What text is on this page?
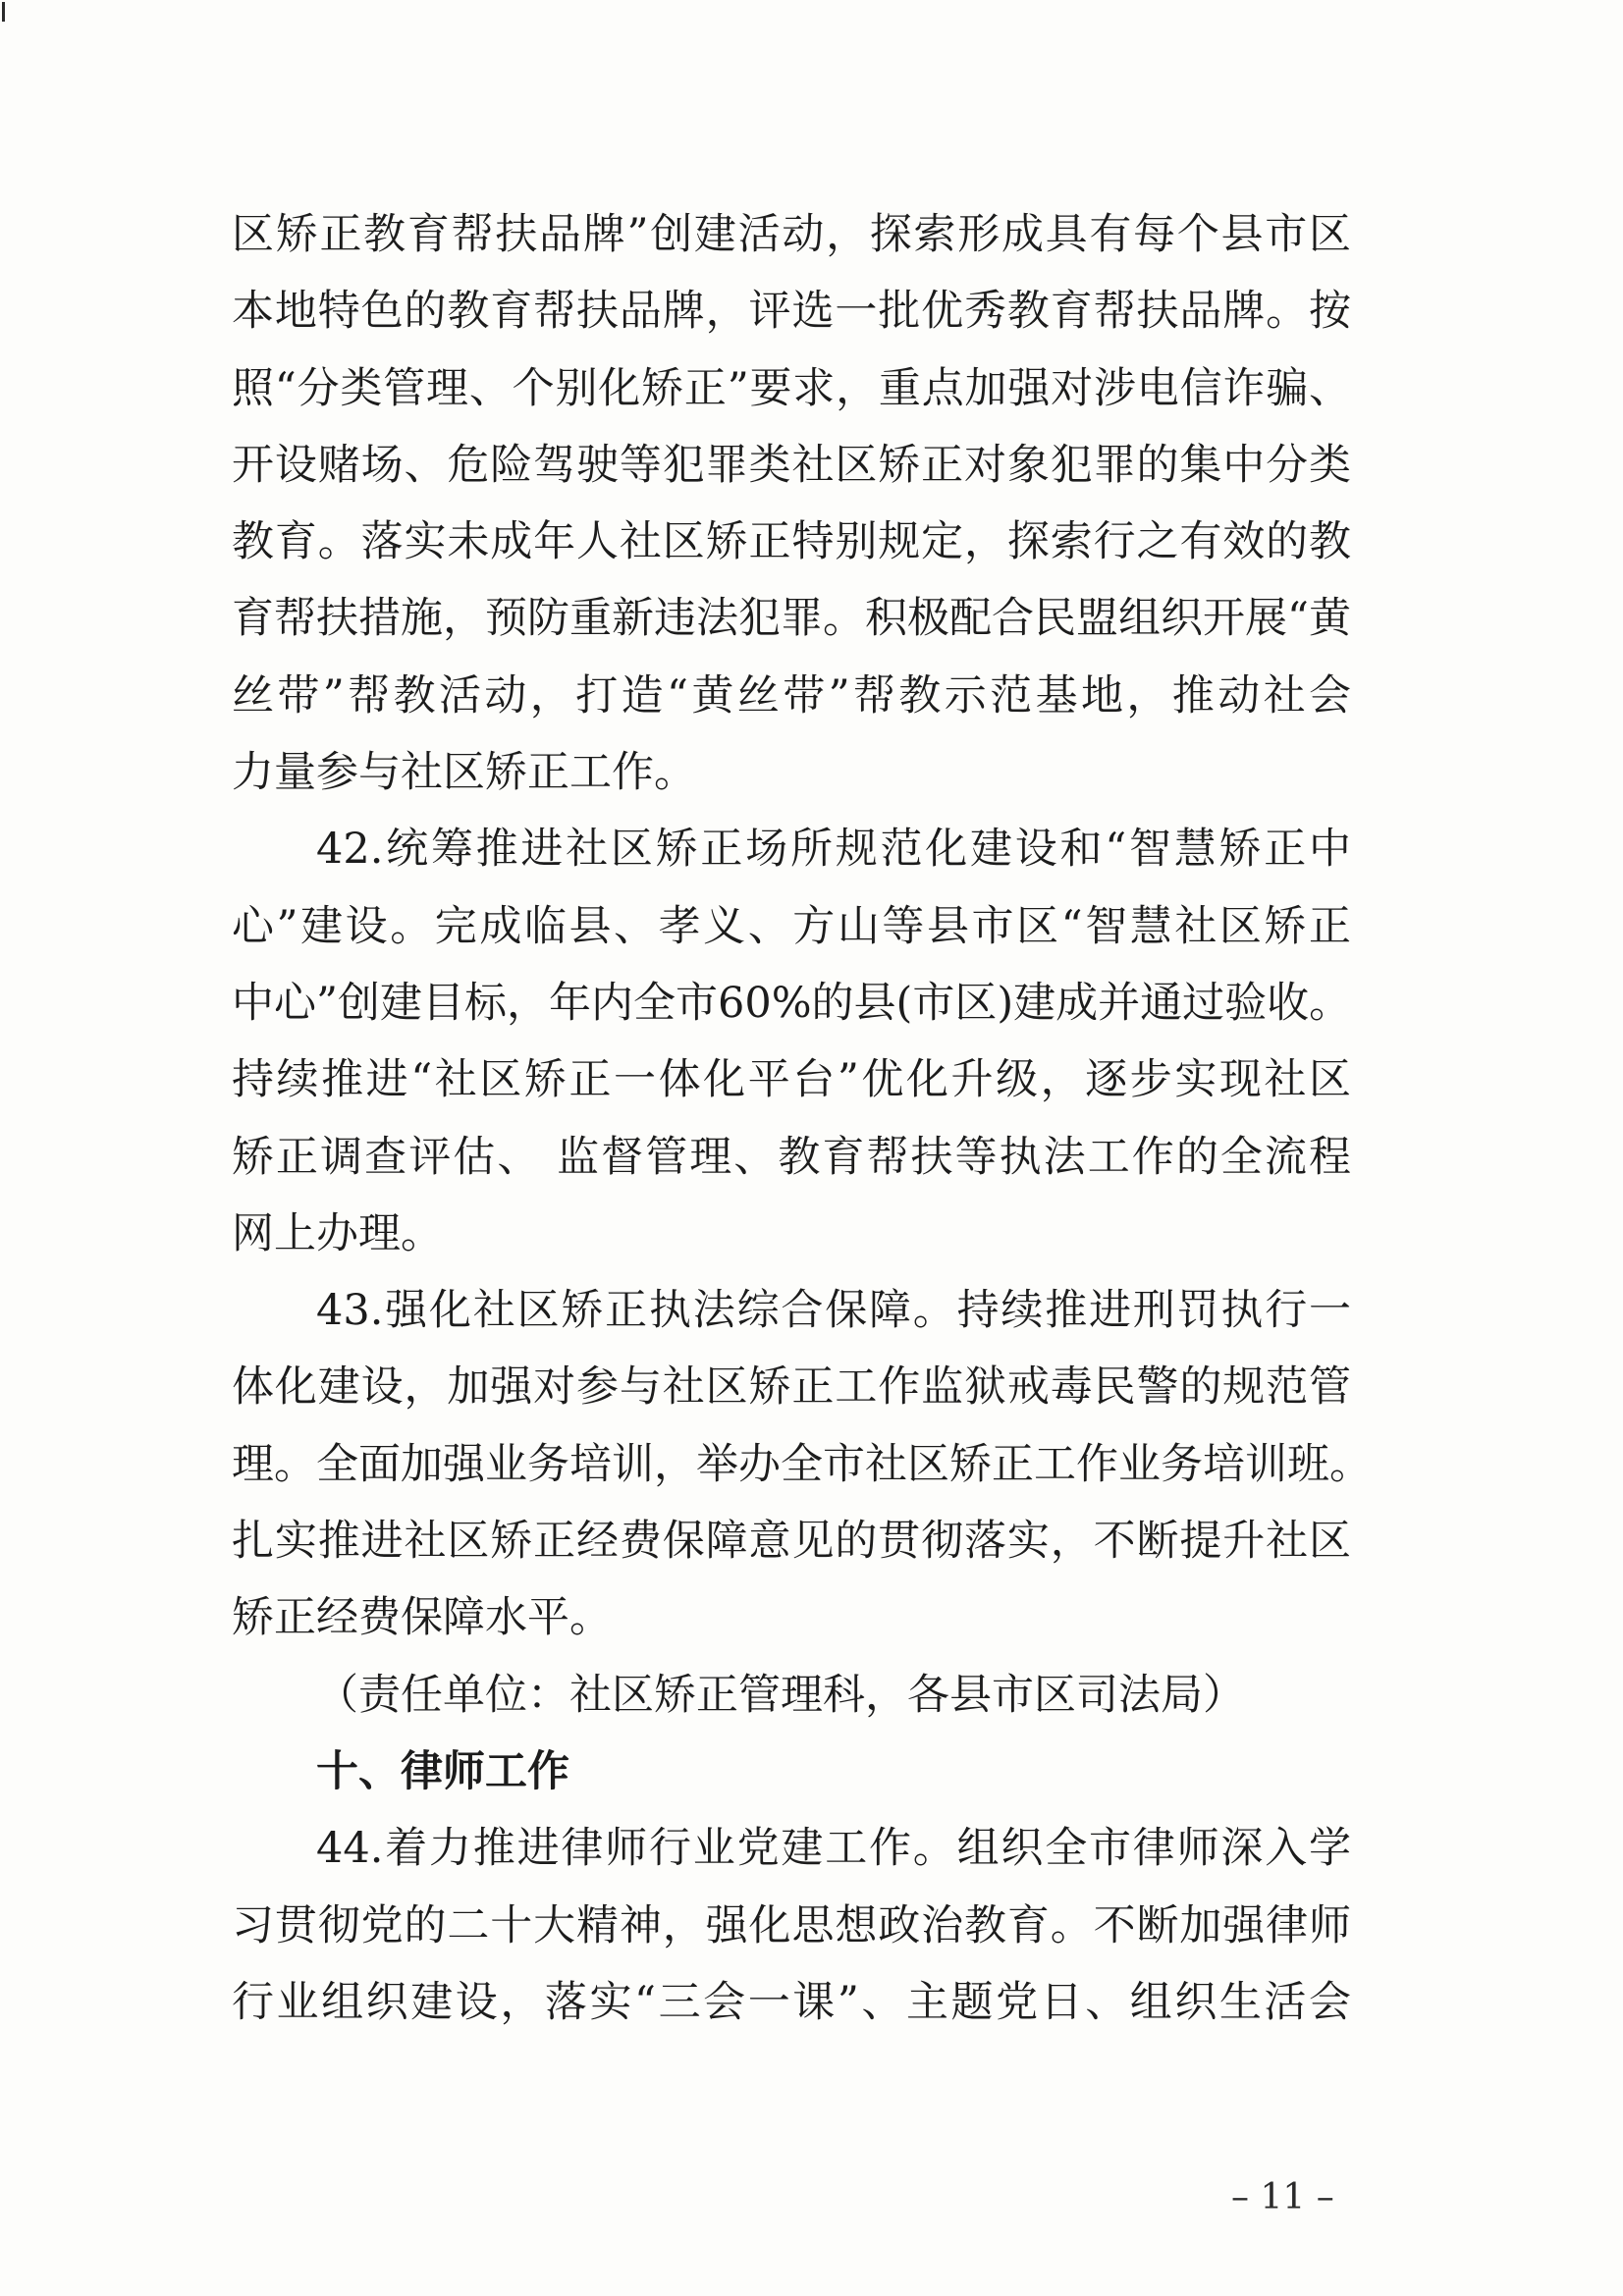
区矫正教育帮扶品牌”创建活动，探索形成具有每个县市区
本地特色的教育帮扶品牌，评选一批优秀教育帮扶品牌。按
照“分类管理、个别化矫正”要求，重点加强对涉电信诈骗、
开设赌场、危险驾驶等犯罪类社区矫正对象犯罪的集中分类
教育。落实未成年人社区矫正特别规定，探索行之有效的教
育帮扶措施，预防重新违法犯罪。积极配合民盟组织开展“黄
丝带”帮教活动，打造“黄丝带”帮教示范基地，推动社会
力量参与社区矫正工作。
42.统筹推进社区矫正场所规范化建设和“智慧矫正中
心”建设。完成临县、孝义、方山等县市区“智慧社区矫正
中心”创建目标，年内全市60%的县(市区)建成并通过验收。
持续推进“社区矫正一体化平台”优化升级，逐步实现社区
矫正调查评估、 监督管理、教育帮扶等执法工作的全流程
网上办理。
43.强化社区矫正执法综合保障。持续推进刑罚执行一
体化建设，加强对参与社区矫正工作监狱戒毒民警的规范管
理。全面加强业务培训，举办全市社区矫正工作业务培训班。
扎实推进社区矫正经费保障意见的贯彻落实，不断提升社区
矫正经费保障水平。
（责任单位：社区矫正管理科，各县市区司法局）
十、律师工作
44.着力推进律师行业党建工作。组织全市律师深入学
习贯彻党的二十大精神，强化思想政治教育。不断加强律师
行业组织建设，落实“三会一课”、主题党日、组织生活会
– 11 –
